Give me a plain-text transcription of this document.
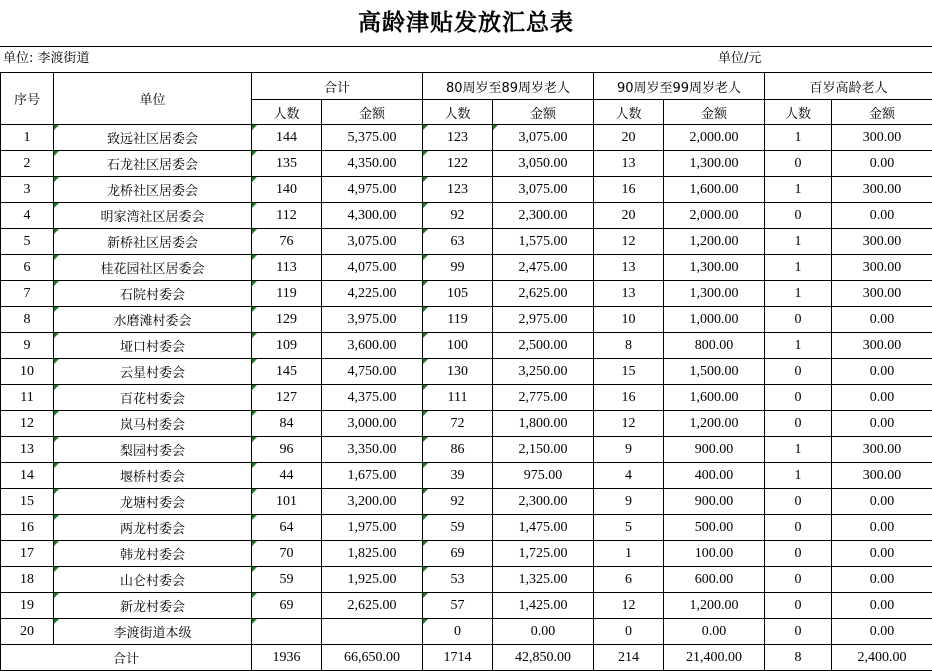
高龄津贴发放汇总表
单位: 李渡街道	单位/元
序号	单位	合计		80周岁至89周岁老人		90周岁至99周岁老人		百岁高龄老人	
		人数	金额	人数	金额	人数	金额	人数	金额
1	致远社区居委会	144	5,375.00	123	3,075.00	20	2,000.00	1	300.00
2	石龙社区居委会	135	4,350.00	122	3,050.00	13	1,300.00	0	0.00
3	龙桥社区居委会	140	4,975.00	123	3,075.00	16	1,600.00	1	300.00
4	明家湾社区居委会	112	4,300.00	92	2,300.00	20	2,000.00	0	0.00
5	新桥社区居委会	76	3,075.00	63	1,575.00	12	1,200.00	1	300.00
6	桂花园社区居委会	113	4,075.00	99	2,475.00	13	1,300.00	1	300.00
7	石院村委会	119	4,225.00	105	2,625.00	13	1,300.00	1	300.00
8	水磨滩村委会	129	3,975.00	119	2,975.00	10	1,000.00	0	0.00
9	垭口村委会	109	3,600.00	100	2,500.00	8	800.00	1	300.00
10	云星村委会	145	4,750.00	130	3,250.00	15	1,500.00	0	0.00
11	百花村委会	127	4,375.00	111	2,775.00	16	1,600.00	0	0.00
12	岚马村委会	84	3,000.00	72	1,800.00	12	1,200.00	0	0.00
13	梨园村委会	96	3,350.00	86	2,150.00	9	900.00	1	300.00
14	堰桥村委会	44	1,675.00	39	975.00	4	400.00	1	300.00
15	龙塘村委会	101	3,200.00	92	2,300.00	9	900.00	0	0.00
16	两龙村委会	64	1,975.00	59	1,475.00	5	500.00	0	0.00
17	韩龙村委会	70	1,825.00	69	1,725.00	1	100.00	0	0.00
18	山仑村委会	59	1,925.00	53	1,325.00	6	600.00	0	0.00
19	新龙村委会	69	2,625.00	57	1,425.00	12	1,200.00	0	0.00
20	李渡街道本级			0	0.00	0	0.00	0	0.00
合计		1936	66,650.00	1714	42,850.00	214	21,400.00	8	2,400.00
